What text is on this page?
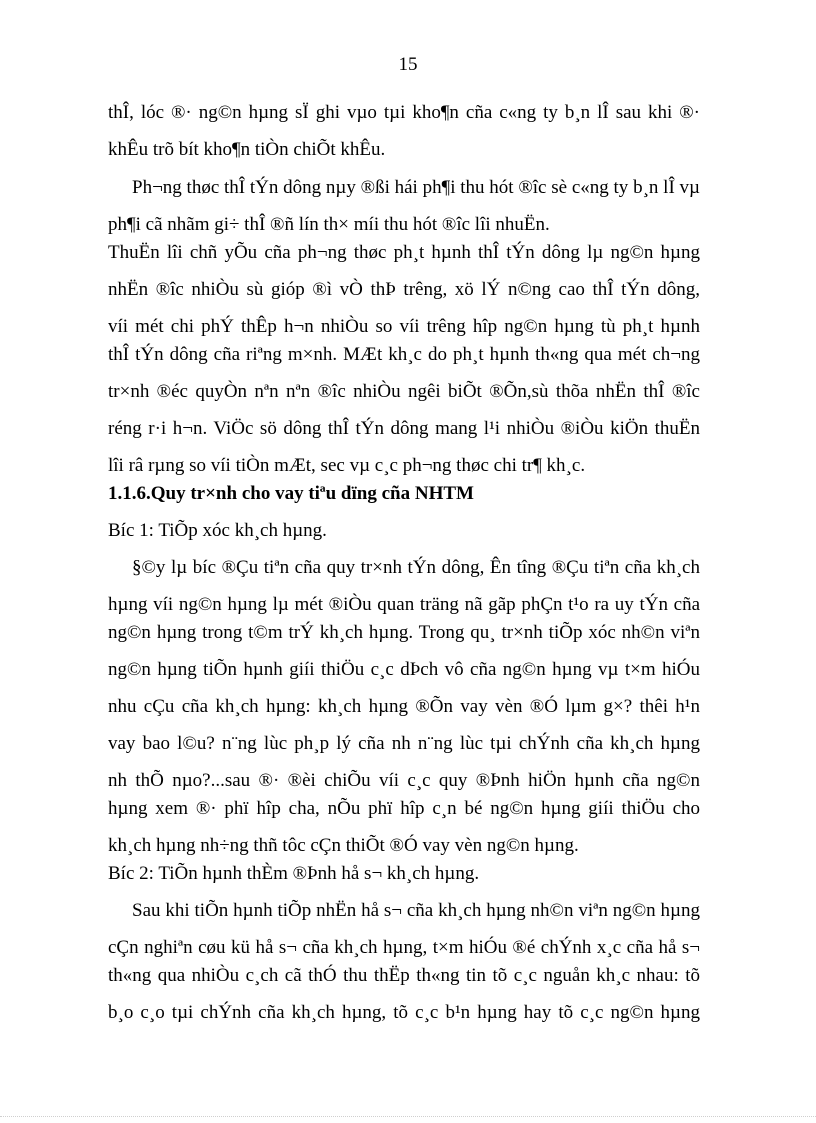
15
thÎ, lóc ®· ng©n hµng sÏ ghi vµo tµi kho¶n cña c«ng ty b¸n lÎ sau khi ®·
khÊu trõ bít kho¶n tiÒn chiÕt khÊu.
Ph¬ng thøc thÎ tÝn dông nµy ®ßi hái ph¶i thu hót ®îc sè c«ng ty b¸n lÎ vµ
ph¶i cã nhãm gi÷ thÎ ®ñ lín th× míi thu hót ®îc lîi nhuËn.
ThuËn lîi chñ yÕu cña ph¬ng thøc ph¸t hµnh thÎ tÝn dông lµ ng©n hµng
nhËn ®îc nhiÒu sù gióp ®ì vÒ thÞ trêng, xö lÝ n©ng cao thÎ tÝn dông,
víi mét chi phÝ thÊp h¬n nhiÒu so víi trêng hîp ng©n hµng tù ph¸t hµnh
thÎ tÝn dông cña riªng m×nh. MÆt kh¸c do ph¸t hµnh th«ng qua mét ch¬ng
tr×nh ®éc quyÒn nªn nªn ®îc nhiÒu ngêi biÕt ®Õn,sù thõa nhËn thÎ ®îc
réng r·i h¬n. ViÖc sö dông thÎ tÝn dông mang l¹i nhiÒu ®iÒu kiÖn thuËn
lîi râ rµng so víi tiÒn mÆt, sec vµ c¸c ph¬ng thøc chi tr¶ kh¸c.
1.1.6.Quy tr×nh cho vay tiªu dïng cña NHTM
Bíc 1: TiÕp xóc kh¸ch hµng.
§©y lµ bíc ®Çu tiªn cña quy tr×nh tÝn dông, Ên tîng ®Çu tiªn cña kh¸ch
hµng víi ng©n hµng lµ mét ®iÒu quan träng nã gãp phÇn t¹o ra uy tÝn cña
ng©n hµng trong t©m trÝ kh¸ch hµng. Trong qu¸ tr×nh tiÕp xóc nh©n viªn
ng©n hµng tiÕn hµnh giíi thiÖu c¸c dÞch vô cña ng©n hµng vµ t×m hiÓu
nhu cÇu cña kh¸ch hµng: kh¸ch hµng ®Õn vay vèn ®Ó lµm g×? thêi h¹n
vay bao l©u? n¨ng lùc ph¸p lý cña nh n¨ng lùc tµi chÝnh cña kh¸ch hµng
nh thÕ nµo?...sau ®· ®èi chiÕu víi c¸c quy ®Þnh hiÖn hµnh cña ng©n
hµng xem ®· phï hîp cha, nÕu phï hîp c¸n bé ng©n hµng giíi thiÖu cho
kh¸ch hµng nh÷ng thñ tôc cÇn thiÕt ®Ó vay vèn ng©n hµng.
Bíc 2: TiÕn hµnh thÈm ®Þnh hå s¬ kh¸ch hµng.
Sau khi tiÕn hµnh tiÕp nhËn hå s¬ cña kh¸ch hµng nh©n viªn ng©n hµng
cÇn nghiªn cøu kü hå s¬ cña kh¸ch hµng, t×m hiÓu ®é chÝnh x¸c cña hå s¬
th«ng qua nhiÒu c¸ch cã thÓ thu thËp th«ng tin tõ c¸c nguån kh¸c nhau: tõ
b¸o c¸o tµi chÝnh cña kh¸ch hµng, tõ c¸c b¹n hµng hay tõ c¸c ng©n hµng
